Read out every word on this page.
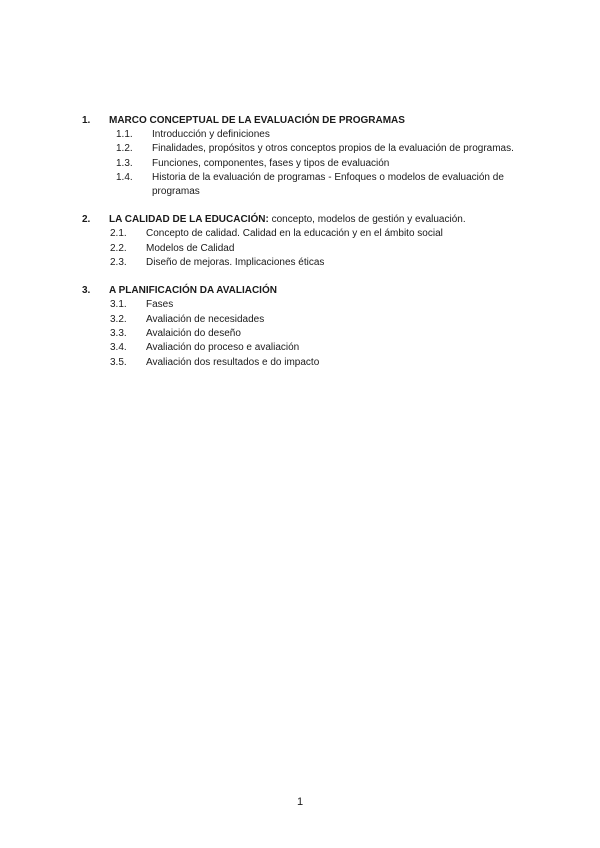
1.	MARCO CONCEPTUAL DE LA EVALUACIÓN DE PROGRAMAS
1.1.	Introducción y definiciones
1.2.	Finalidades, propósitos y otros conceptos propios de la evaluación de programas.
1.3.	Funciones, componentes, fases y tipos de evaluación
1.4.	Historia de la evaluación de programas - Enfoques o modelos de evaluación de programas
2.	LA CALIDAD DE LA EDUCACIÓN: concepto, modelos de gestión y evaluación.
2.1.	Concepto de calidad. Calidad en la educación y en el ámbito social
2.2.	Modelos de Calidad
2.3.	Diseño de mejoras. Implicaciones éticas
3.	A PLANIFICACIÓN DA AVALIACIÓN
3.1.	Fases
3.2.	Avaliación de necesidades
3.3.	Avalaición do deseño
3.4.	Avaliación do proceso e avaliación
3.5.	Avaliación dos resultados e do impacto
1
